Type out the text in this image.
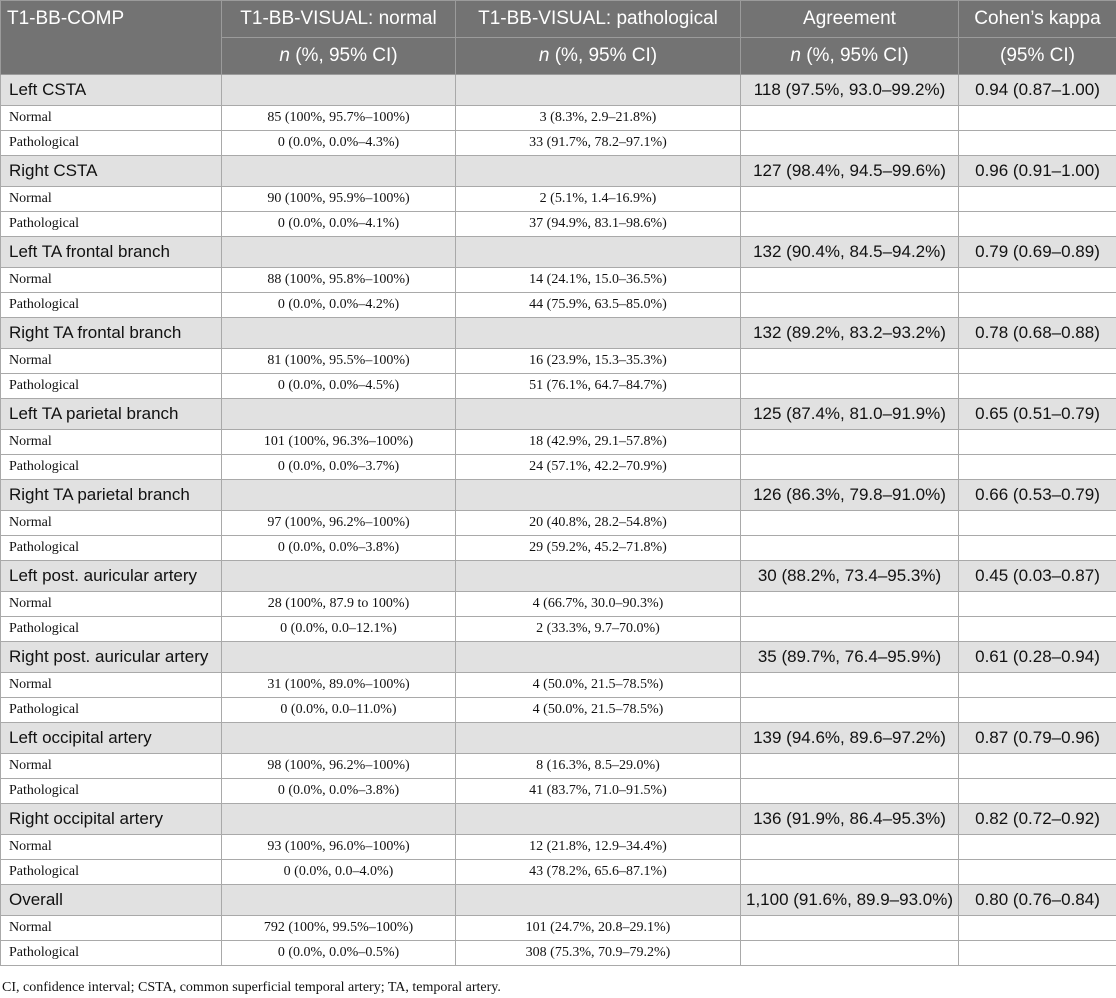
T1-BB-COMP	T1-BB-VISUAL: normal	T1-BB-VISUAL: pathological	Agreement	Cohen’s kappa
	n (%, 95% CI)	n (%, 95% CI)	n (%, 95% CI)	(95% CI)
Left CSTA			118 (97.5%, 93.0–99.2%)	0.94 (0.87–1.00)
Normal	85 (100%, 95.7%–100%)	3 (8.3%, 2.9–21.8%)		
Pathological	0 (0.0%, 0.0%–4.3%)	33 (91.7%, 78.2–97.1%)		
Right CSTA			127 (98.4%, 94.5–99.6%)	0.96 (0.91–1.00)
Normal	90 (100%, 95.9%–100%)	2 (5.1%, 1.4–16.9%)		
Pathological	0 (0.0%, 0.0%–4.1%)	37 (94.9%, 83.1–98.6%)		
Left TA frontal branch			132 (90.4%, 84.5–94.2%)	0.79 (0.69–0.89)
Normal	88 (100%, 95.8%–100%)	14 (24.1%, 15.0–36.5%)		
Pathological	0 (0.0%, 0.0%–4.2%)	44 (75.9%, 63.5–85.0%)		
Right TA frontal branch			132 (89.2%, 83.2–93.2%)	0.78 (0.68–0.88)
Normal	81 (100%, 95.5%–100%)	16 (23.9%, 15.3–35.3%)		
Pathological	0 (0.0%, 0.0%–4.5%)	51 (76.1%, 64.7–84.7%)		
Left TA parietal branch			125 (87.4%, 81.0–91.9%)	0.65 (0.51–0.79)
Normal	101 (100%, 96.3%–100%)	18 (42.9%, 29.1–57.8%)		
Pathological	0 (0.0%, 0.0%–3.7%)	24 (57.1%, 42.2–70.9%)		
Right TA parietal branch			126 (86.3%, 79.8–91.0%)	0.66 (0.53–0.79)
Normal	97 (100%, 96.2%–100%)	20 (40.8%, 28.2–54.8%)		
Pathological	0 (0.0%, 0.0%–3.8%)	29 (59.2%, 45.2–71.8%)		
Left post. auricular artery			30 (88.2%, 73.4–95.3%)	0.45 (0.03–0.87)
Normal	28 (100%, 87.9 to 100%)	4 (66.7%, 30.0–90.3%)		
Pathological	0 (0.0%, 0.0–12.1%)	2 (33.3%, 9.7–70.0%)		
Right post. auricular artery			35 (89.7%, 76.4–95.9%)	0.61 (0.28–0.94)
Normal	31 (100%, 89.0%–100%)	4 (50.0%, 21.5–78.5%)		
Pathological	0 (0.0%, 0.0–11.0%)	4 (50.0%, 21.5–78.5%)		
Left occipital artery			139 (94.6%, 89.6–97.2%)	0.87 (0.79–0.96)
Normal	98 (100%, 96.2%–100%)	8 (16.3%, 8.5–29.0%)		
Pathological	0 (0.0%, 0.0%–3.8%)	41 (83.7%, 71.0–91.5%)		
Right occipital artery			136 (91.9%, 86.4–95.3%)	0.82 (0.72–0.92)
Normal	93 (100%, 96.0%–100%)	12 (21.8%, 12.9–34.4%)		
Pathological	0 (0.0%, 0.0–4.0%)	43 (78.2%, 65.6–87.1%)		
Overall			1,100 (91.6%, 89.9–93.0%)	0.80 (0.76–0.84)
Normal	792 (100%, 99.5%–100%)	101 (24.7%, 20.8–29.1%)		
Pathological	0 (0.0%, 0.0%–0.5%)	308 (75.3%, 70.9–79.2%)		
CI, confidence interval; CSTA, common superficial temporal artery; TA, temporal artery.
